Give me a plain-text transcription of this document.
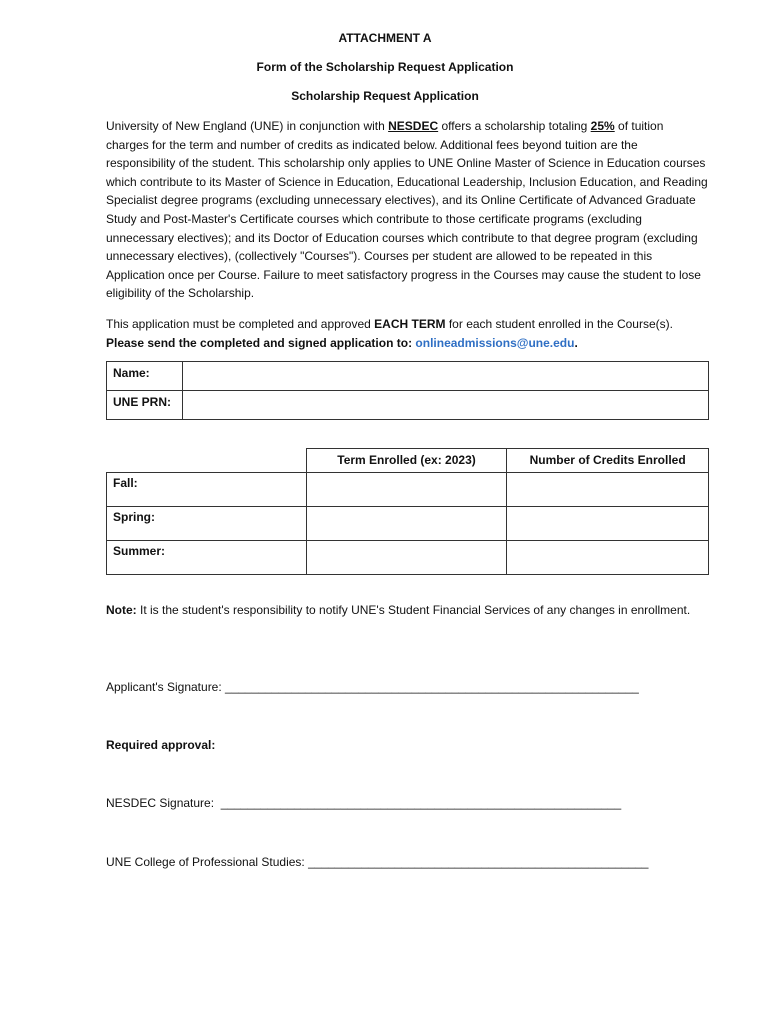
ATTACHMENT A
Form of the Scholarship Request Application
Scholarship Request Application

University of New England (UNE) in conjunction with NESDEC offers a scholarship totaling 25% of tuition charges for the term and number of credits as indicated below. Additional fees beyond tuition are the responsibility of the student. This scholarship only applies to UNE Online Master of Science in Education courses which contribute to its Master of Science in Education, Educational Leadership, Inclusion Education, and Reading Specialist degree programs (excluding unnecessary electives), and its Online Certificate of Advanced Graduate Study and Post-Master's Certificate courses which contribute to those certificate programs (excluding unnecessary electives); and its Doctor of Education courses which contribute to that degree program (excluding unnecessary electives), (collectively "Courses"). Courses per student are allowed to be repeated in this Application once per Course. Failure to meet satisfactory progress in the Courses may cause the student to lose eligibility of the Scholarship.

This application must be completed and approved EACH TERM for each student enrolled in the Course(s).
Please send the completed and signed application to: onlineadmissions@une.edu.

Name:	
UNE PRN:	
	Term Enrolled (ex: 2023)	Number of Credits Enrolled
Fall:		
Spring:		
Summer:		

Note: It is the student's responsibility to notify UNE's Student Financial Services of any changes in enrollment.

Applicant's Signature: ______________________________________________________________
Required approval:
NESDEC Signature:  ____________________________________________________________
UNE College of Professional Studies: ___________________________________________________
